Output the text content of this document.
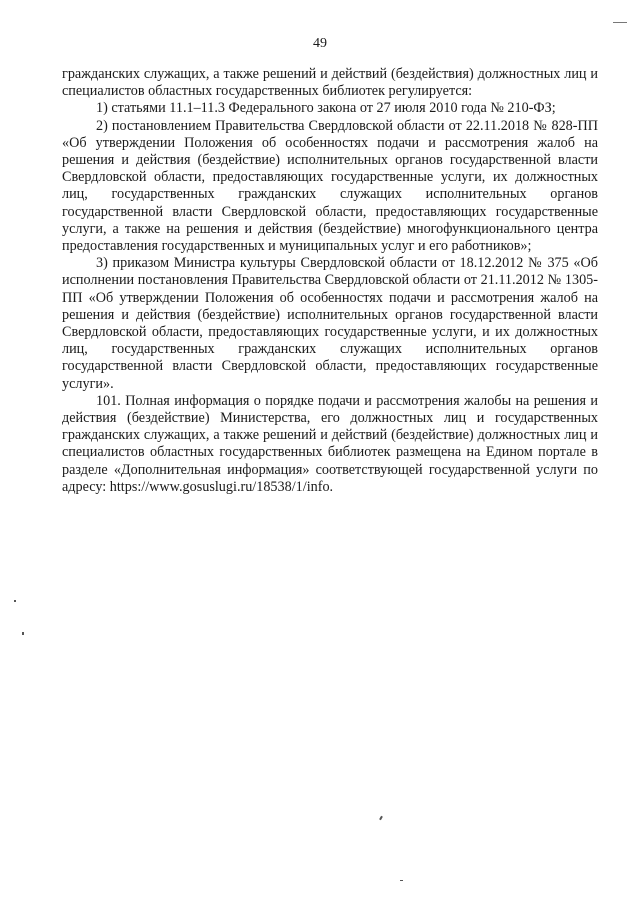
49

гражданских служащих, а также решений и действий (бездействия) должностных лиц и специалистов областных государственных библиотек регулируется:

1) статьями 11.1–11.3 Федерального закона от 27 июля 2010 года № 210-ФЗ;

2) постановлением Правительства Свердловской области от 22.11.2018 № 828-ПП «Об утверждении Положения об особенностях подачи и рассмотрения жалоб на решения и действия (бездействие) исполнительных органов государственной власти Свердловской области, предоставляющих государственные услуги, их должностных лиц, государственных гражданских служащих исполнительных органов государственной власти Свердловской области, предоставляющих государственные услуги, а также на решения и действия (бездействие) многофункционального центра предоставления государственных и муниципальных услуг и его работников»;

3) приказом Министра культуры Свердловской области от 18.12.2012 № 375 «Об исполнении постановления Правительства Свердловской области от 21.11.2012 № 1305-ПП «Об утверждении Положения об особенностях подачи и рассмотрения жалоб на решения и действия (бездействие) исполнительных органов государственной власти Свердловской области, предоставляющих государственные услуги, и их должностных лиц, государственных гражданских служащих исполнительных органов государственной власти Свердловской области, предоставляющих государственные услуги».

101. Полная информация о порядке подачи и рассмотрения жалобы на решения и действия (бездействие) Министерства, его должностных лиц и государственных гражданских служащих, а также решений и действий (бездействие) должностных лиц и специалистов областных государственных библиотек размещена на Едином портале в разделе «Дополнительная информация» соответствующей государственной услуги по адресу: https://www.gosuslugi.ru/18538/1/info.
